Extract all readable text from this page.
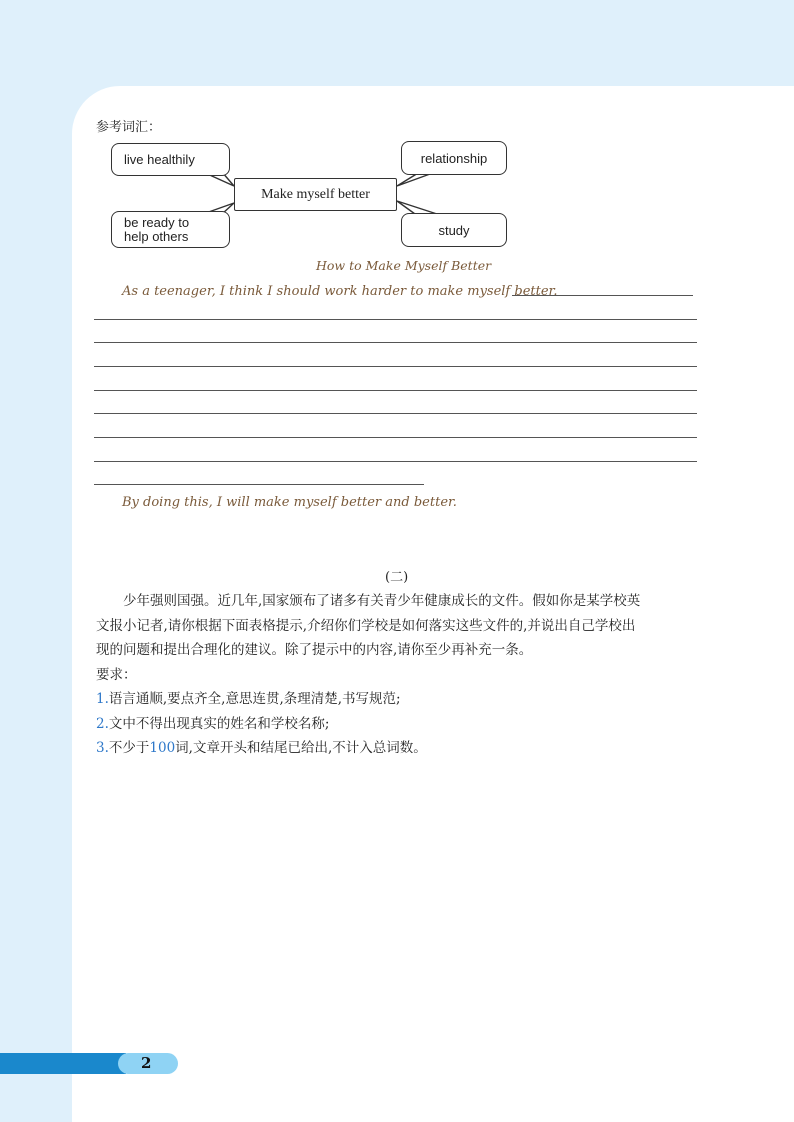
参考词汇：
live healthily
be ready to
help others
relationship
study
Make myself better
How to Make Myself Better
As a teenager, I think I should work harder to make myself better.
By doing this, I will make myself better and better.
(二)
少年强则国强。近几年,国家颁布了诸多有关青少年健康成长的文件。假如你是某学校英
文报小记者,请你根据下面表格提示,介绍你们学校是如何落实这些文件的,并说出自己学校出
现的问题和提出合理化的建议。除了提示中的内容,请你至少再补充一条。
要求：
1.语言通顺,要点齐全,意思连贯,条理清楚,书写规范;
2.文中不得出现真实的姓名和学校名称;
3.不少于100词,文章开头和结尾已给出,不计入总词数。
2
